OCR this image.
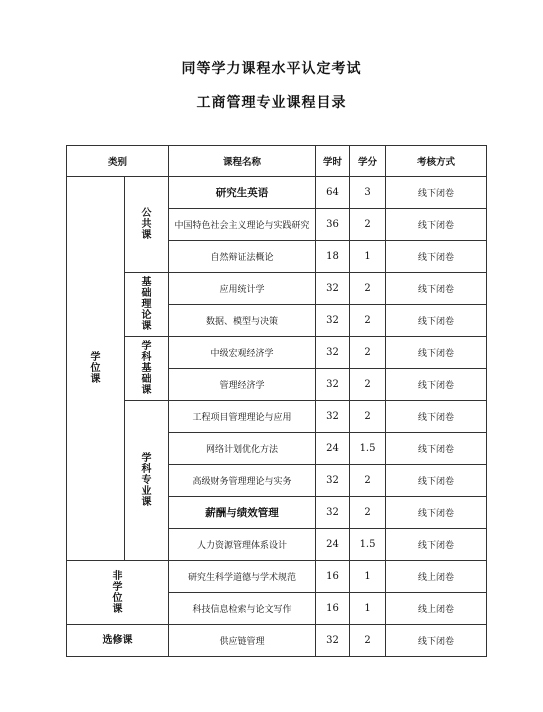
同等学力课程水平认定考试
工商管理专业课程目录
类别		课程名称	学时	学分	考核方式
学位课	公共课	研究生英语	64	3	线下闭卷
		中国特色社会主义理论与实践研究	36	2	线下闭卷
		自然辩证法概论	18	1	线下闭卷
	基础理论课	应用统计学	32	2	线下闭卷
		数据、模型与决策	32	2	线下闭卷
	学科基础课	中级宏观经济学	32	2	线下闭卷
		管理经济学	32	2	线下闭卷
	学科专业课	工程项目管理理论与应用	32	2	线下闭卷
		网络计划优化方法	24	1.5	线下闭卷
		高级财务管理理论与实务	32	2	线下闭卷
		薪酬与绩效管理	32	2	线下闭卷
		人力资源管理体系设计	24	1.5	线下闭卷
非学位课		研究生科学道德与学术规范	16	1	线上闭卷
		科技信息检索与论文写作	16	1	线上闭卷
选修课		供应链管理	32	2	线下闭卷
